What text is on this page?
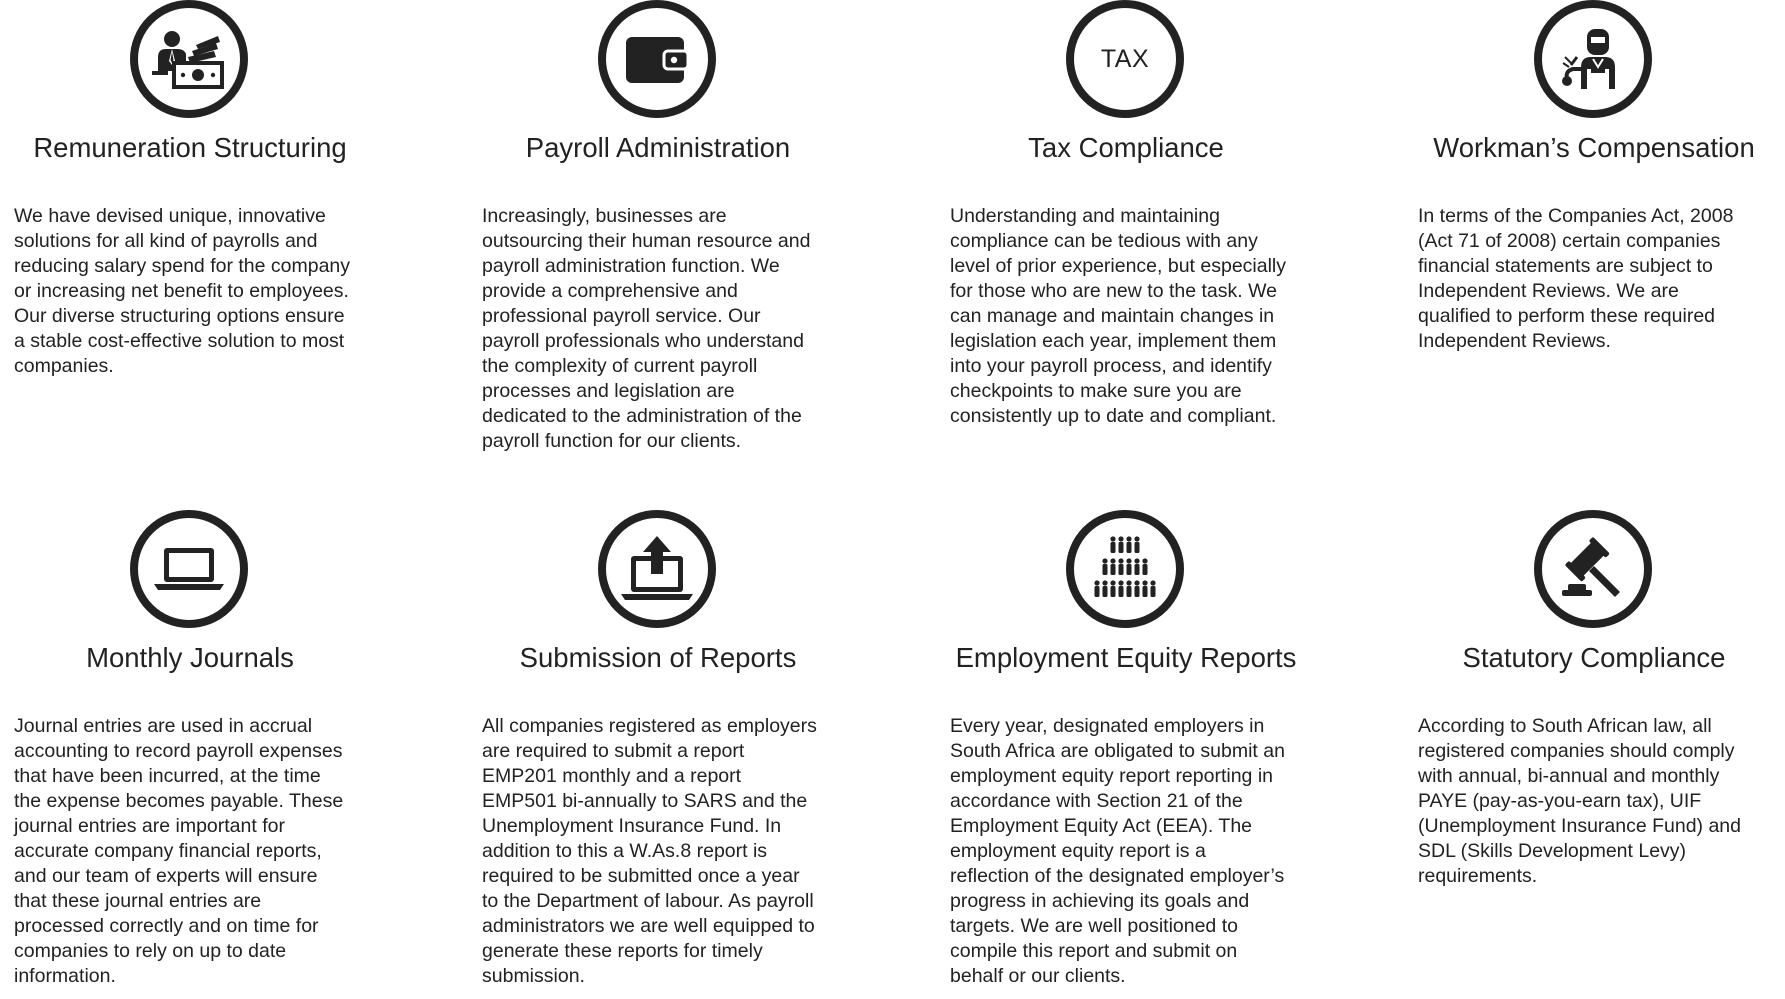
Remuneration Structuring
We have devised unique, innovative
solutions for all kind of payrolls and
reducing salary spend for the company
or increasing net benefit to employees.
Our diverse structuring options ensure
a stable cost-effective solution to most
companies.
Payroll Administration
Increasingly, businesses are
outsourcing their human resource and
payroll administration function. We
provide a comprehensive and
professional payroll service. Our
payroll professionals who understand
the complexity of current payroll
processes and legislation are
dedicated to the administration of the
payroll function for our clients.
TAX
Tax Compliance
Understanding and maintaining
compliance can be tedious with any
level of prior experience, but especially
for those who are new to the task. We
can manage and maintain changes in
legislation each year, implement them
into your payroll process, and identify
checkpoints to make sure you are
consistently up to date and compliant.
Workman’s Compensation
In terms of the Companies Act, 2008
(Act 71 of 2008) certain companies
financial statements are subject to
Independent Reviews. We are
qualified to perform these required
Independent Reviews.
Monthly Journals
Journal entries are used in accrual
accounting to record payroll expenses
that have been incurred, at the time
the expense becomes payable. These
journal entries are important for
accurate company financial reports,
and our team of experts will ensure
that these journal entries are
processed correctly and on time for
companies to rely on up to date
information.
Submission of Reports
All companies registered as employers
are required to submit a report
EMP201 monthly and a report
EMP501 bi-annually to SARS and the
Unemployment Insurance Fund. In
addition to this a W.As.8 report is
required to be submitted once a year
to the Department of labour. As payroll
administrators we are well equipped to
generate these reports for timely
submission.
Employment Equity Reports
Every year, designated employers in
South Africa are obligated to submit an
employment equity report reporting in
accordance with Section 21 of the
Employment Equity Act (EEA). The
employment equity report is a
reflection of the designated employer’s
progress in achieving its goals and
targets. We are well positioned to
compile this report and submit on
behalf or our clients.
Statutory Compliance
According to South African law, all
registered companies should comply
with annual, bi-annual and monthly
PAYE (pay-as-you-earn tax), UIF
(Unemployment Insurance Fund) and
SDL (Skills Development Levy)
requirements.
